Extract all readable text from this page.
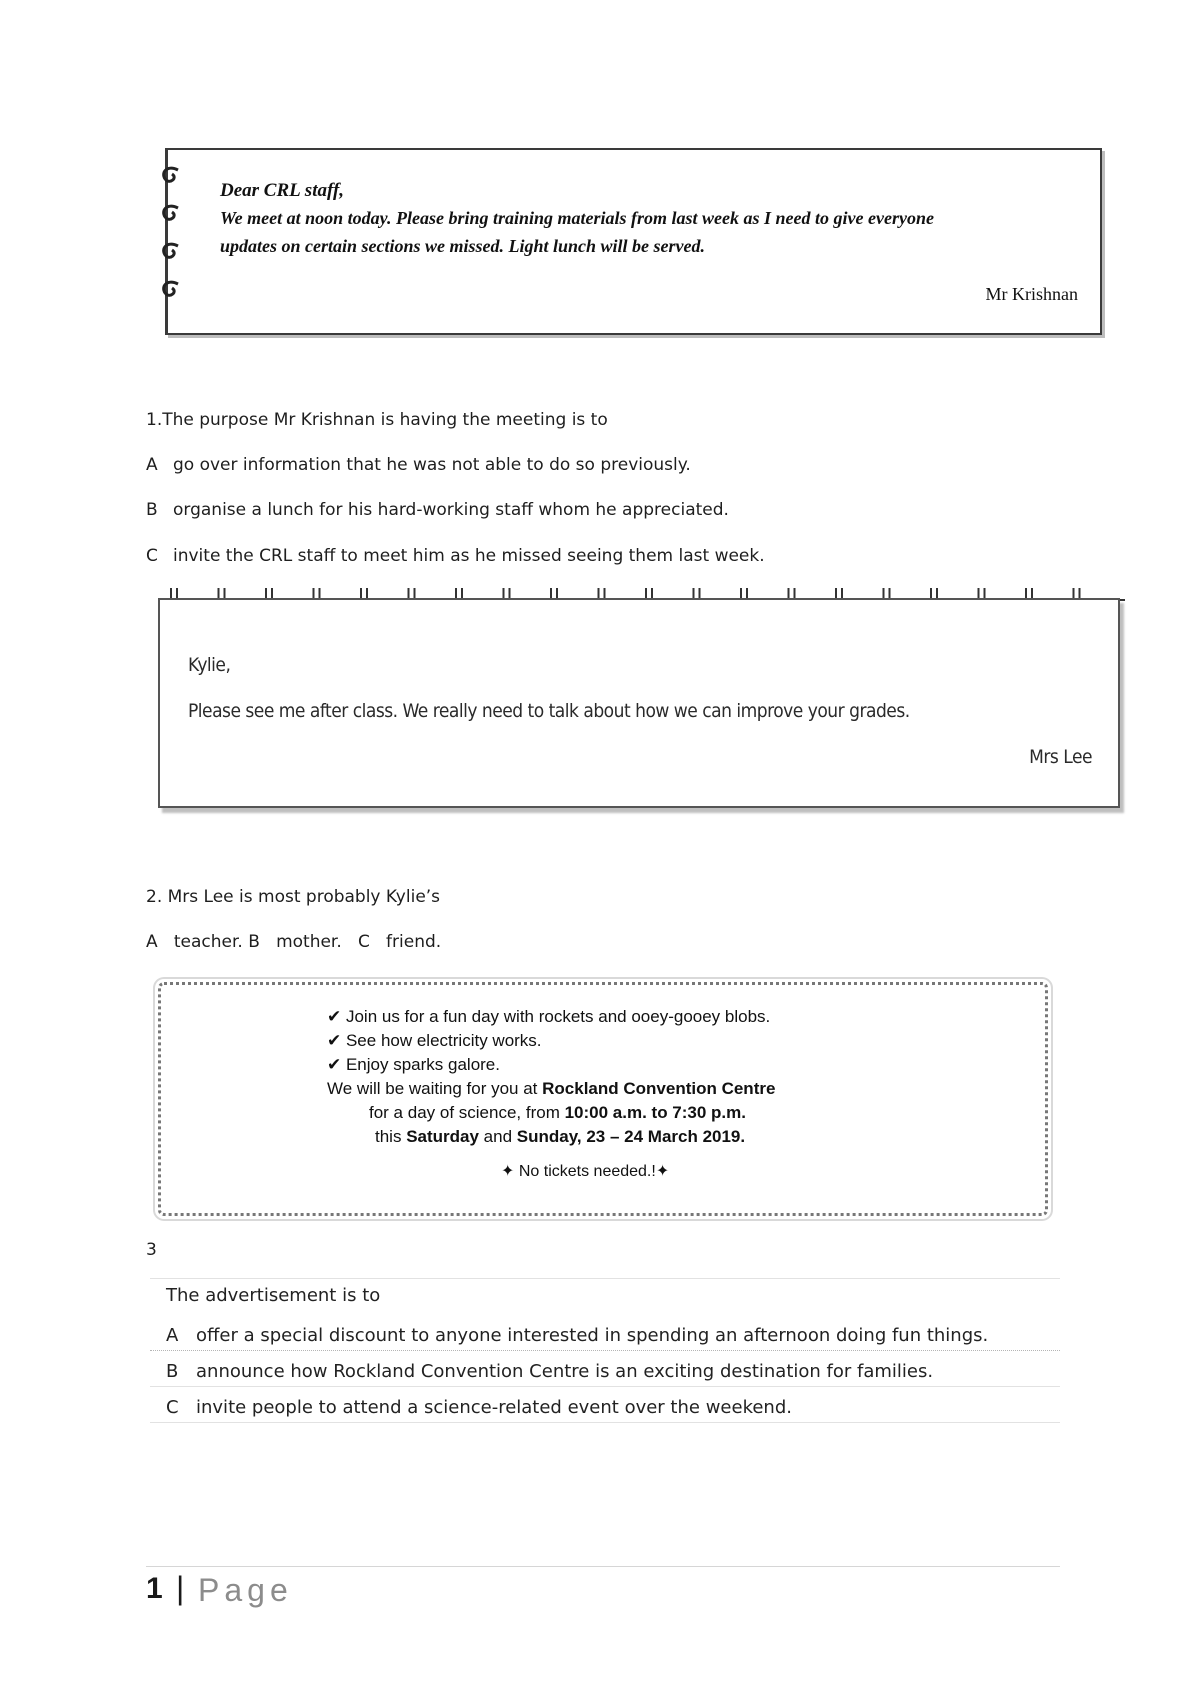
Dear CRL staff,
We meet at noon today. Please bring training materials from last week as I need to give everyone
updates on certain sections we missed. Light lunch will be served.
Mr Krishnan
1.The purpose Mr Krishnan is having the meeting is to
A go over information that he was not able to do so previously.
B organise a lunch for his hard-working staff whom he appreciated.
C invite the CRL staff to meet him as he missed seeing them last week.
Kylie,
Please see me after class. We really need to talk about how we can improve your grades.
Mrs Lee
2. Mrs Lee is most probably Kylie’s
A   teacher. B   mother.   C   friend.
✔ Join us for a fun day with rockets and ooey-gooey blobs.
✔ See how electricity works.
✔ Enjoy sparks galore.
We will be waiting for you at Rockland Convention Centre
for a day of science, from 10:00 a.m. to 7:30 p.m.
this Saturday and Sunday, 23 – 24 March 2019.
✦ No tickets needed.!✦
3
The advertisement is to
A offer a special discount to anyone interested in spending an afternoon doing fun things.
B announce how Rockland Convention Centre is an exciting destination for families.
C invite people to attend a science-related event over the weekend.
1 | Page
